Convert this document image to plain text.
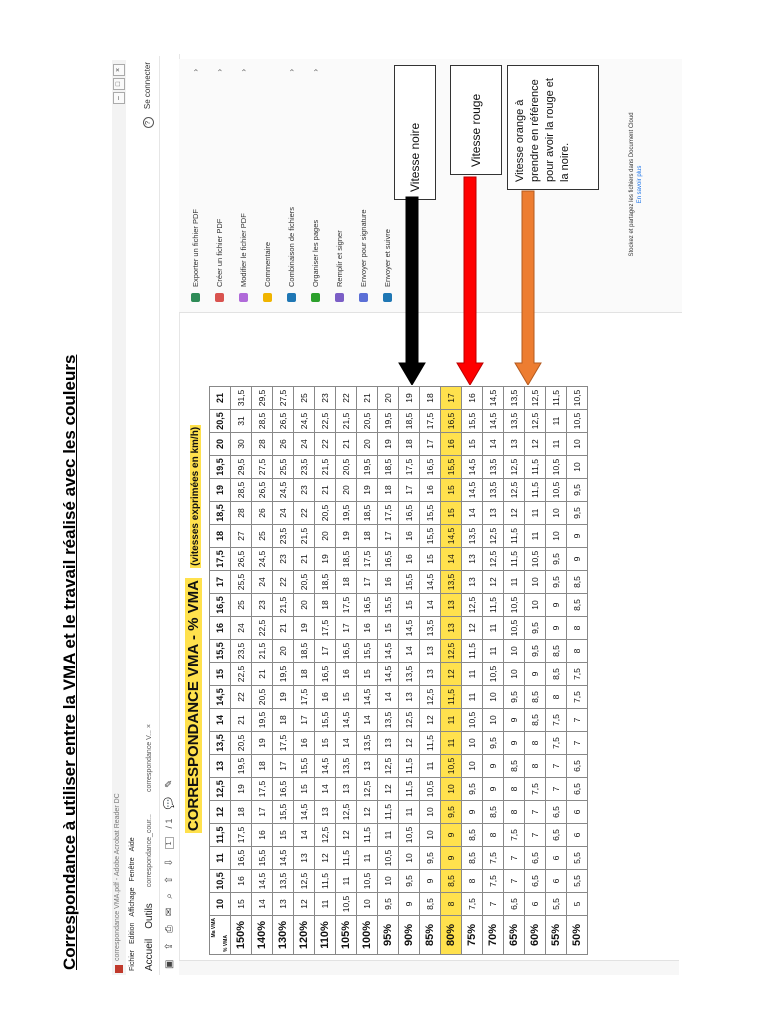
Correspondance à utiliser entre la VMA et le travail réalisé avec les couleurs	correspondance VMA.pdf - Adobe Acrobat Reader DC
–
□
×
Fichier
Edition
Affichage
Fenêtre
Aide
Accueil
Outils
correspondance_cour...
correspondance V... ×
? Se connecter
▣
⇪
⎙
✉
⌕
⇧
⇩
1
/ 1
💬
✎ CORRESPONDANCE VMA - % VMA (vitesses exprimées en km/h)
Ma VMA
% VMA	10	10,5	11	11,5	12	12,5	13	13,5	14	14,5	15	15,5	16	16,5	17	17,5	18	18,5	19	19,5	20	20,5	21
150%	15	16	16,5	17,5	18	19	19,5	20,5	21	22	22,5	23,5	24	25	25,5	26,5	27	28	28,5	29,5	30	31	31,5
140%	14	14,5	15,5	16	17	17,5	18	19	19,5	20,5	21	21,5	22,5	23	24	24,5	25	26	26,5	27,5	28	28,5	29,5
130%	13	13,5	14,5	15	15,5	16,5	17	17,5	18	19	19,5	20	21	21,5	22	23	23,5	24	24,5	25,5	26	26,5	27,5
120%	12	12,5	13	14	14,5	15	15,5	16	17	17,5	18	18,5	19	20	20,5	21	21,5	22	23	23,5	24	24,5	25
110%	11	11,5	12	12,5	13	14	14,5	15	15,5	16	16,5	17	17,5	18	18,5	19	20	20,5	21	21,5	22	22,5	23
105%	10,5	11	11,5	12	12,5	13	13,5	14	14,5	15	16	16,5	17	17,5	18	18,5	19	19,5	20	20,5	21	21,5	22
100%	10	10,5	11	11,5	12	12,5	13	13,5	14	14,5	15	15,5	16	16,5	17	17,5	18	18,5	19	19,5	20	20,5	21
95%	9,5	10	10,5	11	11,5	12	12,5	13	13,5	14	14,5	14,5	15	15,5	16	16,5	17	17,5	18	18,5	19	19,5	20
90%	9	9,5	10	10,5	11	11,5	11,5	12	12,5	13	13,5	14	14,5	15	15,5	16	16	16,5	17	17,5	18	18,5	19
85%	8,5	9	9,5	10	10	10,5	11	11,5	12	12,5	13	13	13,5	14	14,5	15	15,5	15,5	16	16,5	17	17,5	18
80%	8	8,5	9	9	9,5	10	10,5	11	11	11,5	12	12,5	13	13	13,5	14	14,5	15	15	15,5	16	16,5	17
75%	7,5	8	8,5	8,5	9	9,5	10	10	10,5	11	11	11,5	12	12,5	13	13	13,5	14	14,5	14,5	15	15,5	16
70%	7	7,5	7,5	8	8,5	9	9	9,5	10	10	10,5	11	11	11,5	12	12,5	12,5	13	13,5	13,5	14	14,5	14,5
65%	6,5	7	7	7,5	8	8	8,5	9	9	9,5	10	10	10,5	10,5	11	11,5	11,5	12	12,5	12,5	13	13,5	13,5
60%	6	6,5	6,5	7	7	7,5	8	8	8,5	8,5	9	9,5	9,5	10	10	10,5	11	11	11,5	11,5	12	12,5	12,5
55%	5,5	6	6	6,5	6,5	7	7	7,5	7,5	8	8,5	8,5	9	9	9,5	9,5	10	10	10,5	10,5	11	11	11,5
50%	5	5,5	5,5	6	6	6,5	6,5	7	7	7,5	7,5	8	8	8,5	8,5	9	9	9,5	9,5	10	10	10,5	10,5
Exporter un fichier PDF
›
Créer un fichier PDF
›
Modifier le fichier PDF
›
Commentaire Combinaison de fichiers
›
Organiser les pages
›
Remplir et signer Envoyer pour signature Envoyer et suivre
Stockez et partagez les fichiers dans Document Cloud En savoir plus
Vitesse noire	Vitesse rouge	Vitesse orange à prendre en référence pour avoir la rouge et la noire.
